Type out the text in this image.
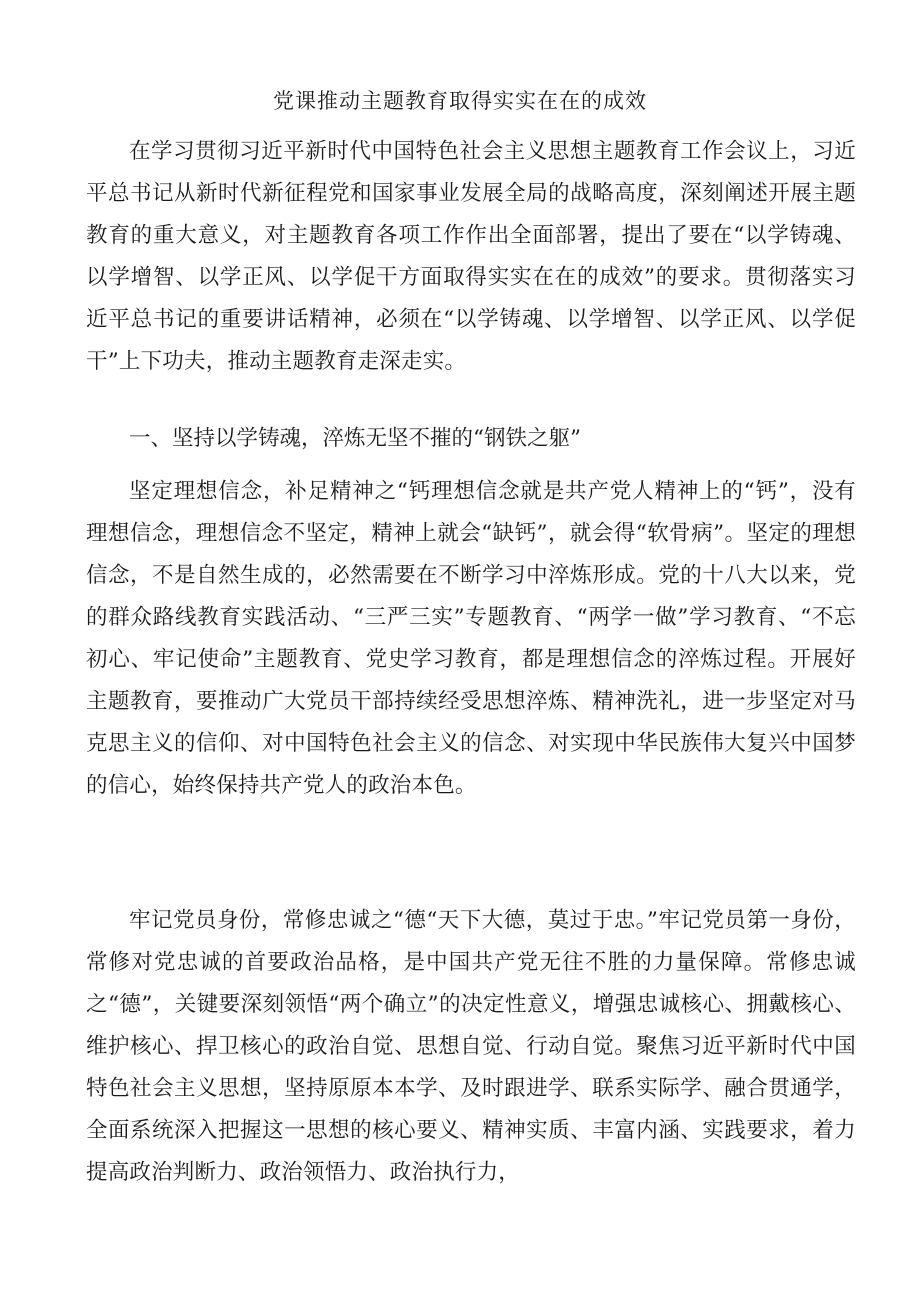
党课推动主题教育取得实实在在的成效

在学习贯彻习近平新时代中国特色社会主义思想主题教育工作会议上，习近平总书记从新时代新征程党和国家事业发展全局的战略高度，深刻阐述开展主题教育的重大意义，对主题教育各项工作作出全面部署，提出了要在“以学铸魂、以学增智、以学正风、以学促干方面取得实实在在的成效”的要求。贯彻落实习近平总书记的重要讲话精神，必须在“以学铸魂、以学增智、以学正风、以学促干”上下功夫，推动主题教育走深走实。

一、坚持以学铸魂，淬炼无坚不摧的“钢铁之躯”

坚定理想信念，补足精神之“钙理想信念就是共产党人精神上的“钙”，没有理想信念，理想信念不坚定，精神上就会“缺钙”，就会得“软骨病”。坚定的理想信念，不是自然生成的，必然需要在不断学习中淬炼形成。党的十八大以来，党的群众路线教育实践活动、“三严三实”专题教育、“两学一做”学习教育、“不忘初心、牢记使命”主题教育、党史学习教育，都是理想信念的淬炼过程。开展好主题教育，要推动广大党员干部持续经受思想淬炼、精神洗礼，进一步坚定对马克思主义的信仰、对中国特色社会主义的信念、对实现中华民族伟大复兴中国梦的信心，始终保持共产党人的政治本色。

牢记党员身份，常修忠诚之“德“天下大德，莫过于忠。”牢记党员第一身份，常修对党忠诚的首要政治品格，是中国共产党无往不胜的力量保障。常修忠诚之“德”，关键要深刻领悟“两个确立”的决定性意义，增强忠诚核心、拥戴核心、维护核心、捍卫核心的政治自觉、思想自觉、行动自觉。聚焦习近平新时代中国特色社会主义思想，坚持原原本本学、及时跟进学、联系实际学、融合贯通学，全面系统深入把握这一思想的核心要义、精神实质、丰富内涵、实践要求，着力提高政治判断力、政治领悟力、政治执行力，
